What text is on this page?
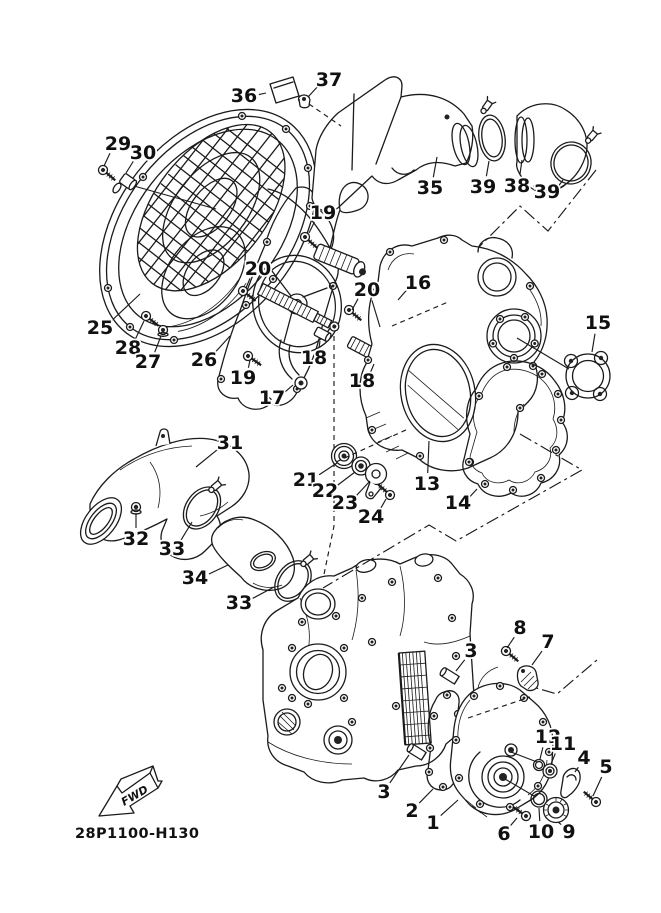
FWD
28P1100-H130
36
37
35 39 38 39
29
30
25
28
27 26
19
20
20 16
15
18
18
19
17
21
22
23
24
13
14
31
32 33
34
33
3
8
7
12
11
4 5
3
2
1	6 10 9
